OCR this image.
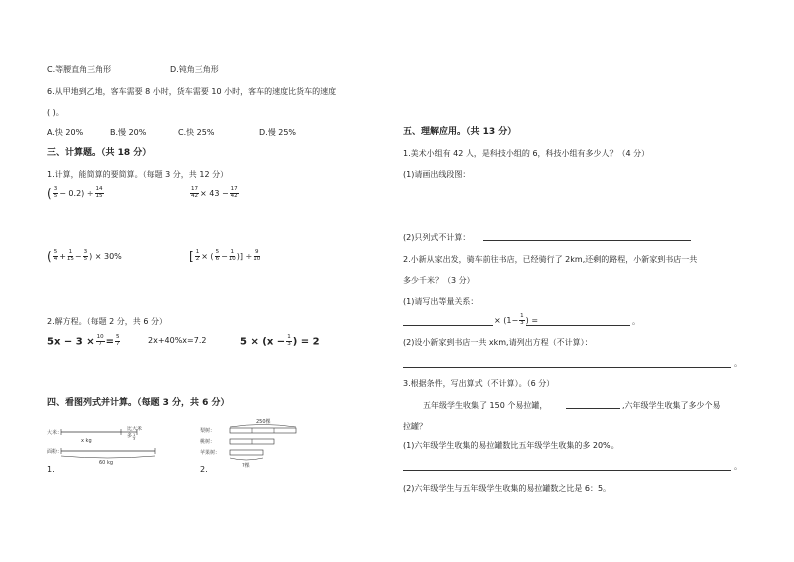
C.等腰直角三角形	D.钝角三角形
6.从甲地到乙地，客车需要 8 小时，货车需要 10 小时，客车的速度比货车的速度
( )。
A.快 20%	B.慢 20%	C.快 25%	D.慢 25%
三、计算题。（共 18 分）
1.计算，能简算的要简算。（每题 3 分，共 12 分）
( $\frac{3}{5} - 0.2) \div \frac{14}{15}$	$\frac{17}{42} \times 43 - \frac{17}{42}$
( $\frac{5}{4} + \frac{1}{15} - \frac{3}{5}$ ) × 30%	[ $\frac{1}{2}$ × ( $\frac{5}{6} - \frac{1}{10}$ )] ÷ $\frac{9}{10}$
2.解方程。（每题 2 分，共 6 分）
$5x - 3 \times \frac{10}{7} = \frac{5}{7}$	2x+40%x=7.2	$5 \times (x - \frac{1}{3}$ ) = 2
四、看图列式并计算。（每题 3 分，共 6 分）
大米：
比大米
多 1
3
x kg
面粉：
60 kg
1.
250棵
梨树：
桃树：
苹果树：
?棵
2.
五、理解应用。（共 13 分）
1.美术小组有 42 人，是科技小组的 6，科技小组有多少人？（4 分）
(1)请画出线段图：
(2)只列式不计算：
2.小新从家出发，骑车前往书店，已经骑行了 2km,还剩的路程，小新家到书店一共
多少千米？（3 分）
(1)请写出等量关系：
× ($1- \frac{1}{3}$ ) =	。
(2)设小新家到书店一共 xkm,请列出方程（不计算）：
。
3.根据条件，写出算式（不计算）。（6 分）
五年级学生收集了 150 个易拉罐，	,六年级学生收集了多少个易
拉罐？
(1)六年级学生收集的易拉罐数比五年级学生收集的多 20%。
。
(2)六年级学生与五年级学生收集的易拉罐数之比是 6：5。
